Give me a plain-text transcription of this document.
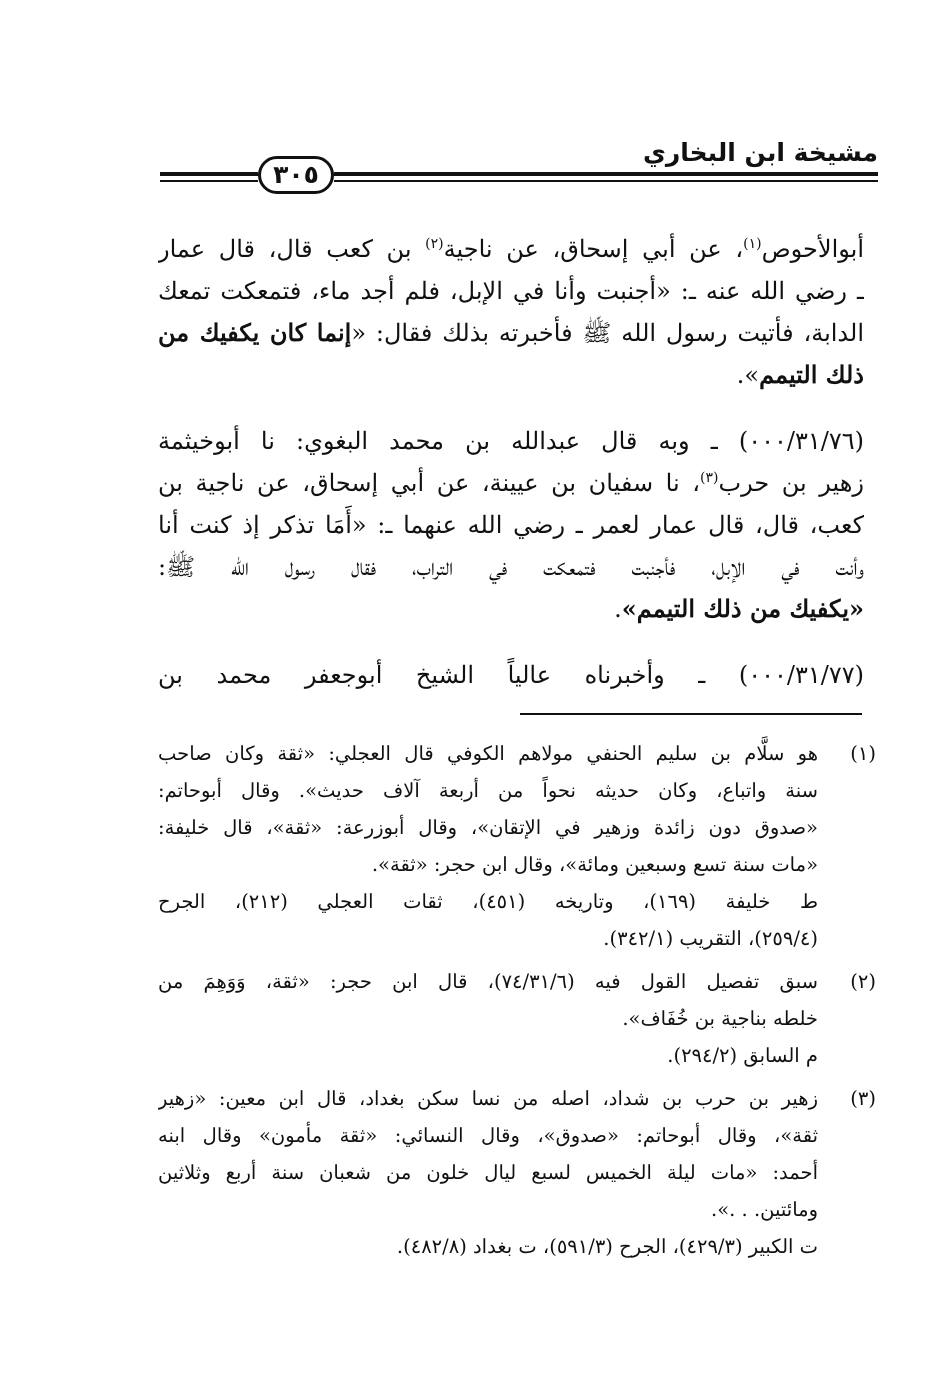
مشيخة ابن البخاري
٣٠٥
أبوالأحوص$^{(١)}$، عن أبي إسحاق، عن ناجية$^{(٢)}$ بن كعب قال، قال عمار
ـ رضي الله عنه ـ: «أجنبت وأنا في الإبل، فلم أجد ماء، فتمعكت تمعك
الدابة، فأتيت رسول الله ﷺ فأخبرته بذلك فقال: «إنما كان يكفيك من
ذلك التيمم».
(٠٠٠/٣١/٧٦) ـ وبه قال عبدالله بن محمد البغوي: نا أبوخيثمة
زهير بن حرب$^{(٣)}$، نا سفيان بن عيينة، عن أبي إسحاق، عن ناجية بن
كعب، قال، قال عمار لعمر ـ رضي الله عنهما ـ: «أَمَا تذكر إذ كنت أنا
وأنت في الإبل، فأجنبت فتمعكت في التراب، فقال رسول الله ﷺ:
«يكفيك من ذلك التيمم».
(٠٠٠/٣١/٧٧) ـ وأخبرناه عالياً الشيخ أبوجعفر محمد بن
(١)
هو سلَّام بن سليم الحنفي مولاهم الكوفي قال العجلي: «ثقة وكان صاحب
سنة واتباع، وكان حديثه نحواً من أربعة آلاف حديث». وقال أبوحاتم:
«صدوق دون زائدة وزهير في الإتقان»، وقال أبوزرعة: «ثقة»، قال خليفة:
«مات سنة تسع وسبعين ومائة»، وقال ابن حجر: «ثقة».
ط خليفة (١٦٩)، وتاريخه (٤٥١)، ثقات العجلي (٢١٢)، الجرح
(٢٥٩/٤)، التقريب (٣٤٢/١).
(٢)
سبق تفصيل القول فيه (٧٤/٣١/٦)، قال ابن حجر: «ثقة، وَوَهِمَ من
خلطه بناجية بن خُفَاف».
م السابق (٢٩٤/٢).
(٣)
زهير بن حرب بن شداد، اصله من نسا سكن بغداد، قال ابن معين: «زهير
ثقة»، وقال أبوحاتم: «صدوق»، وقال النسائي: «ثقة مأمون» وقال ابنه
أحمد: «مات ليلة الخميس لسبع ليال خلون من شعبان سنة أربع وثلاثين
ومائتين. . .».
ت الكبير (٤٢٩/٣)، الجرح (٥٩١/٣)، ت بغداد (٤٨٢/٨).
